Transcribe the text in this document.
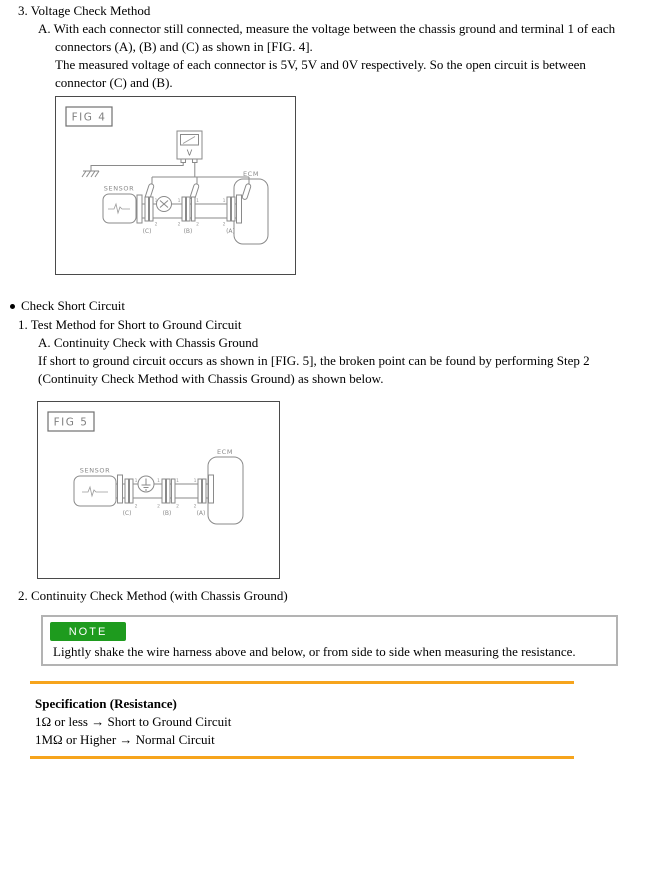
3. Voltage Check Method
A. With each connector still connected, measure the voltage between the chassis ground and terminal 1 of each
connectors (A), (B) and (C) as shown in [FIG. 4].
The measured voltage of each connector is 5V, 5V and 0V respectively. So the open circuit is between
connector (C) and (B).
FIG 4
ECM
V
SENSOR
1	1	1	1
2	2	2	2
(C)	(B)	(A)
Check Short Circuit
1. Test Method for Short to Ground Circuit
A. Continuity Check with Chassis Ground
If short to ground circuit occurs as shown in [FIG. 5], the broken point can be found by performing Step 2
(Continuity Check Method with Chassis Ground) as shown below.
FIG 5
ECM
SENSOR
1	1	1	1
2	2	2	2
(C)	(B)	(A)
2. Continuity Check Method (with Chassis Ground)
NOTE
Lightly shake the wire harness above and below, or from side to side when measuring the resistance.
Specification (Resistance)
1Ω or less → Short to Ground Circuit
1MΩ or Higher → Normal Circuit
